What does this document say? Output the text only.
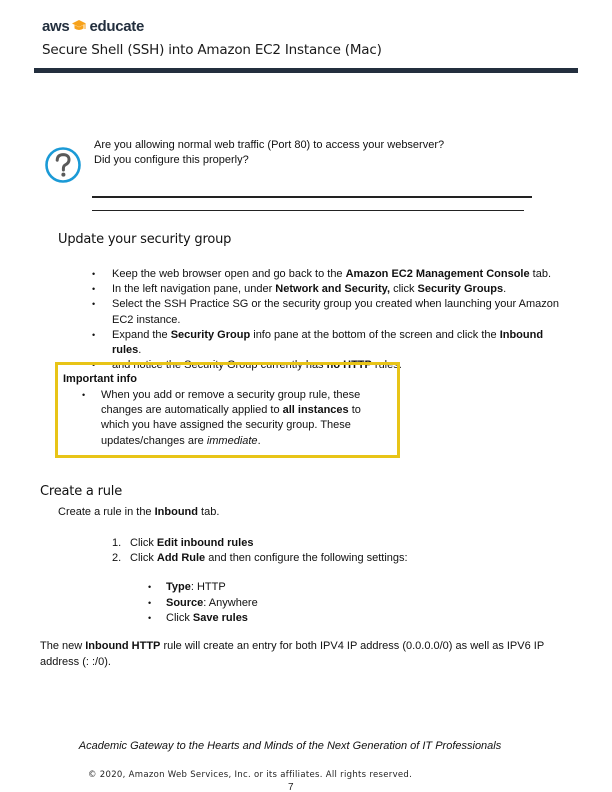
aws educate
Secure Shell (SSH) into Amazon EC2 Instance (Mac)
Are you allowing normal web traffic (Port 80) to access your webserver?
Did you configure this properly?
Update your security group
• Keep the web browser open and go back to the Amazon EC2 Management Console tab.
• In the left navigation pane, under Network and Security, click Security Groups.
• Select the SSH Practice SG or the security group you created when launching your Amazon EC2 instance.
• Expand the Security Group info pane at the bottom of the screen and click the Inbound rules.
• and notice the Security Group currently has no HTTP rules.
Important info
• When you add or remove a security group rule, these changes are automatically applied to all instances to which you have assigned the security group. These updates/changes are immediate.
Create a rule
Create a rule in the Inbound tab.
1. Click Edit inbound rules
2. Click Add Rule and then configure the following settings:
• Type: HTTP
• Source: Anywhere
• Click Save rules
The new Inbound HTTP rule will create an entry for both IPV4 IP address (0.0.0.0/0) as well as IPV6 IP address (: :/0).
Academic Gateway to the Hearts and Minds of the Next Generation of IT Professionals
© 2020, Amazon Web Services, Inc. or its affiliates. All rights reserved.
7
